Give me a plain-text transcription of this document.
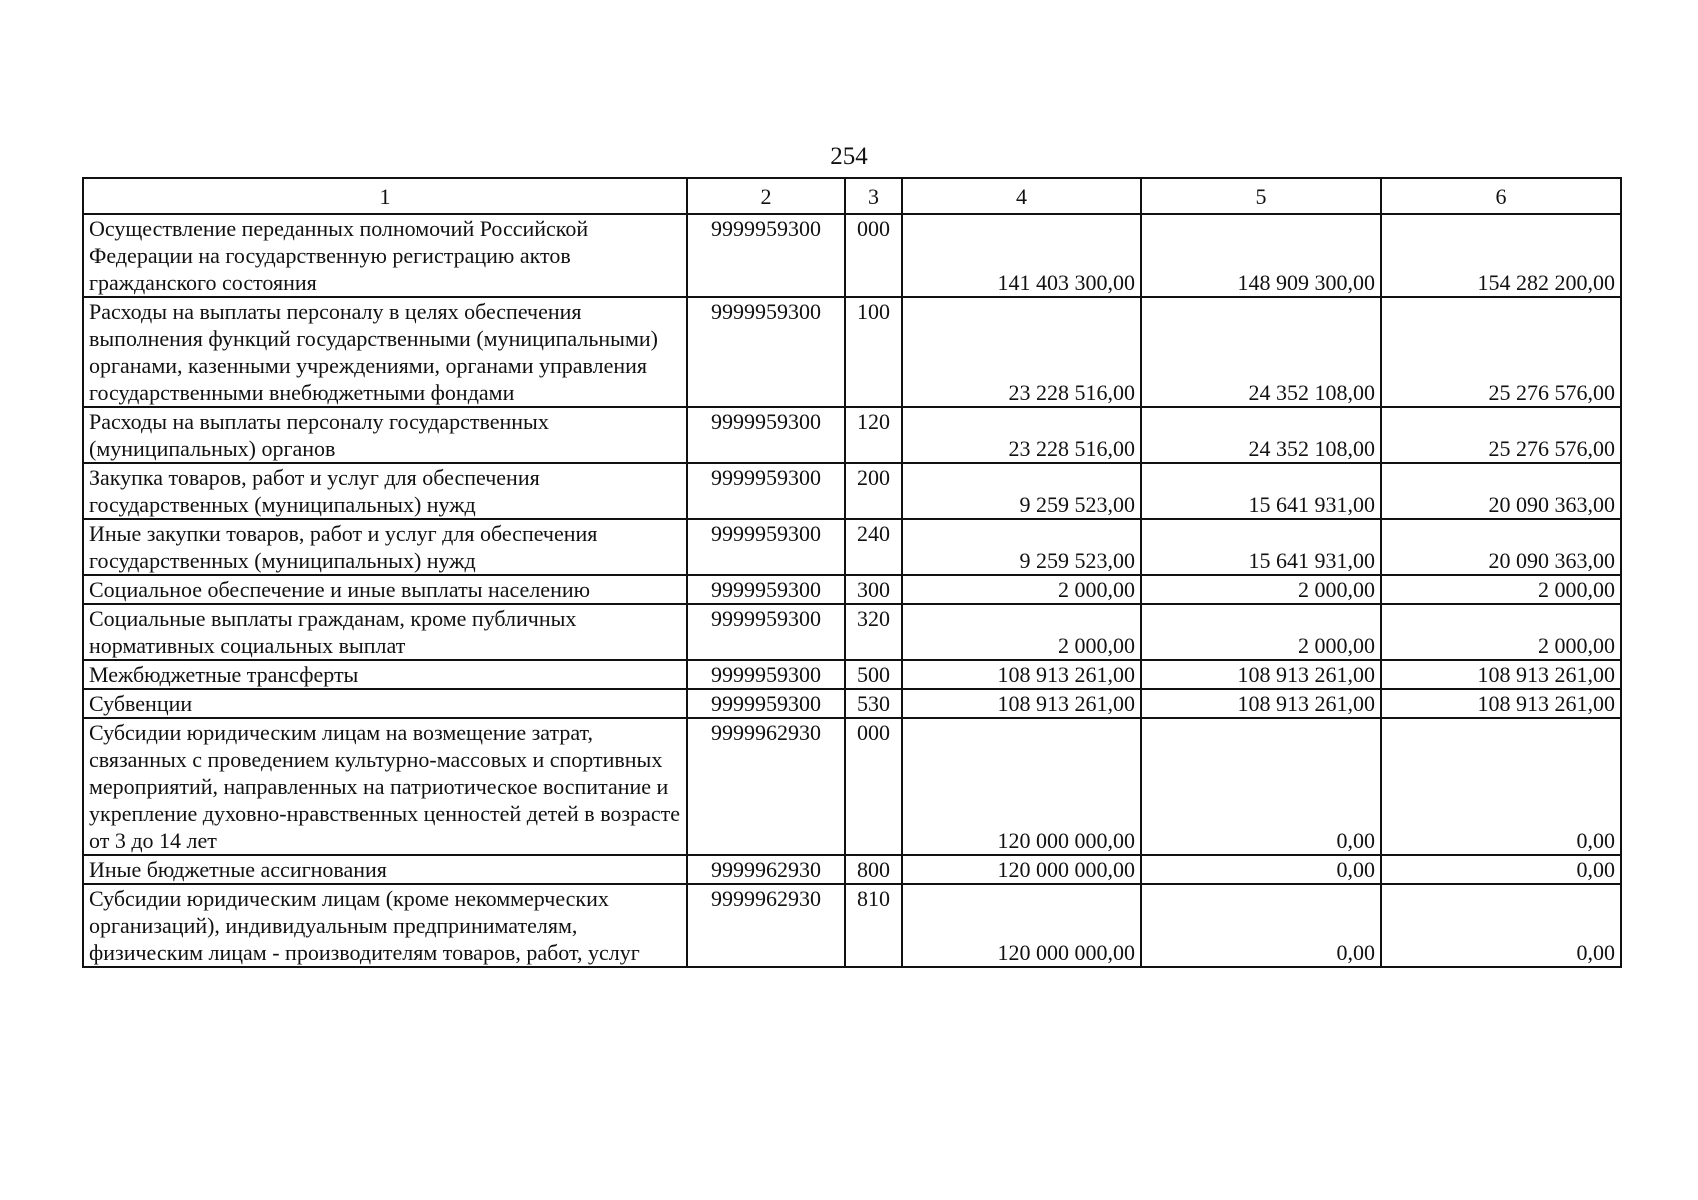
254
1	2	3	4	5	6
Осуществление переданных полномочий Российской Федерации на государственную регистрацию актов гражданского состояния	9999959300	000	141 403 300,00	148 909 300,00	154 282 200,00
Расходы на выплаты персоналу в целях обеспечения выполнения функций государственными (муниципальными) органами, казенными учреждениями, органами управления государственными внебюджетными фондами	9999959300	100	23 228 516,00	24 352 108,00	25 276 576,00
Расходы на выплаты персоналу государственных (муниципальных) органов	9999959300	120	23 228 516,00	24 352 108,00	25 276 576,00
Закупка товаров, работ и услуг для обеспечения государственных (муниципальных) нужд	9999959300	200	9 259 523,00	15 641 931,00	20 090 363,00
Иные закупки товаров, работ и услуг для обеспечения государственных (муниципальных) нужд	9999959300	240	9 259 523,00	15 641 931,00	20 090 363,00
Социальное обеспечение и иные выплаты населению	9999959300	300	2 000,00	2 000,00	2 000,00
Социальные выплаты гражданам, кроме публичных нормативных социальных выплат	9999959300	320	2 000,00	2 000,00	2 000,00
Межбюджетные трансферты	9999959300	500	108 913 261,00	108 913 261,00	108 913 261,00
Субвенции	9999959300	530	108 913 261,00	108 913 261,00	108 913 261,00
Субсидии юридическим лицам на возмещение затрат, связанных с проведением культурно-массовых и спортивных мероприятий, направленных на патриотическое воспитание и укрепление духовно-нравственных ценностей детей в возрасте от 3 до 14 лет	9999962930	000	120 000 000,00	0,00	0,00
Иные бюджетные ассигнования	9999962930	800	120 000 000,00	0,00	0,00
Субсидии юридическим лицам (кроме некоммерческих организаций), индивидуальным предпринимателям, физическим лицам - производителям товаров, работ, услуг	9999962930	810	120 000 000,00	0,00	0,00
